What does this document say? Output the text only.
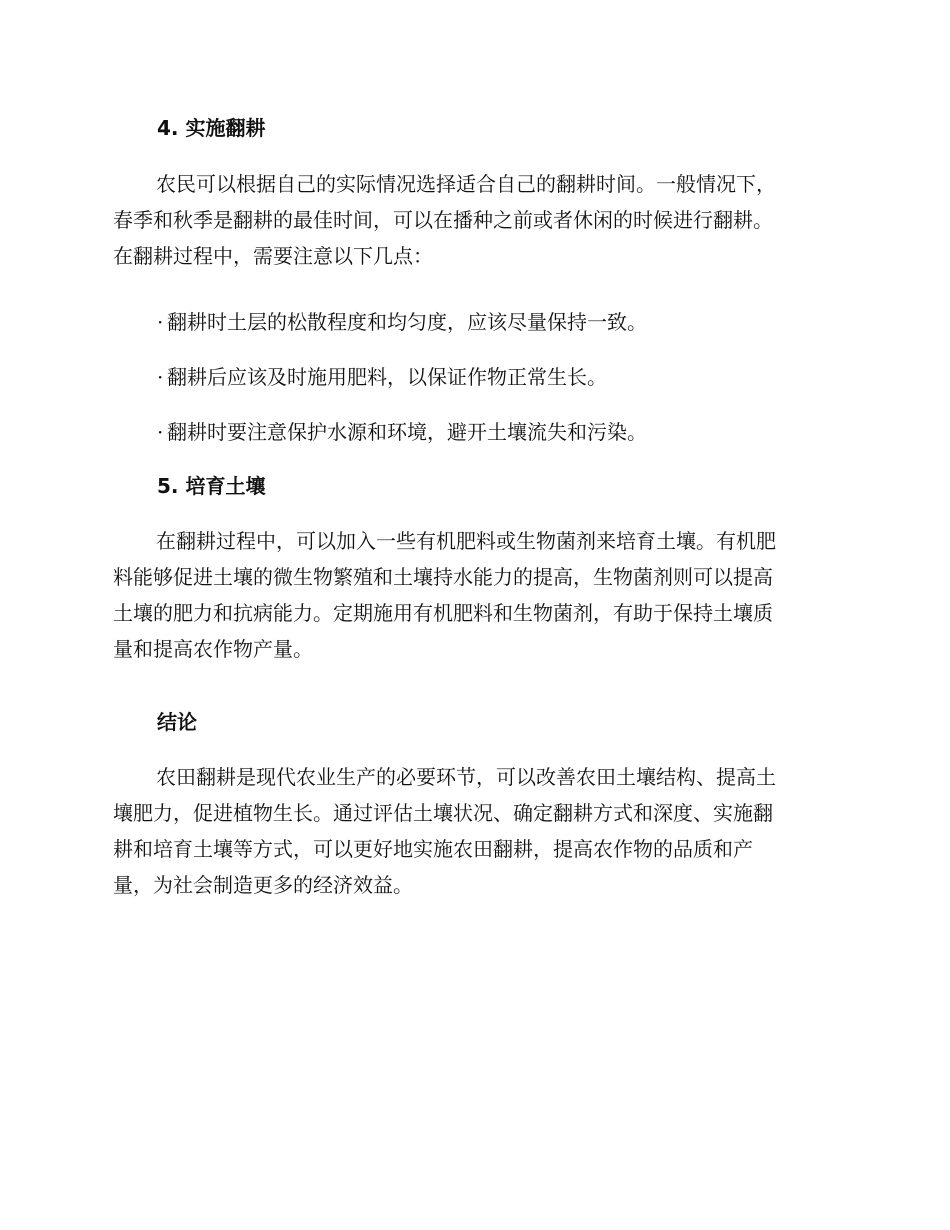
4. 实施翻耕
农民可以根据自己的实际情况选择适合自己的翻耕时间。一般情况下，
春季和秋季是翻耕的最佳时间，可以在播种之前或者休闲的时候进行翻耕。
在翻耕过程中，需要注意以下几点：
· 翻耕时土层的松散程度和均匀度，应该尽量保持一致。
· 翻耕后应该及时施用肥料，以保证作物正常生长。
· 翻耕时要注意保护水源和环境，避开土壤流失和污染。
5. 培育土壤
在翻耕过程中，可以加入一些有机肥料或生物菌剂来培育土壤。有机肥
料能够促进土壤的微生物繁殖和土壤持水能力的提高，生物菌剂则可以提高
土壤的肥力和抗病能力。定期施用有机肥料和生物菌剂，有助于保持土壤质
量和提高农作物产量。
结论
农田翻耕是现代农业生产的必要环节，可以改善农田土壤结构、提高土
壤肥力，促进植物生长。通过评估土壤状况、确定翻耕方式和深度、实施翻
耕和培育土壤等方式，可以更好地实施农田翻耕，提高农作物的品质和产
量，为社会制造更多的经济效益。
